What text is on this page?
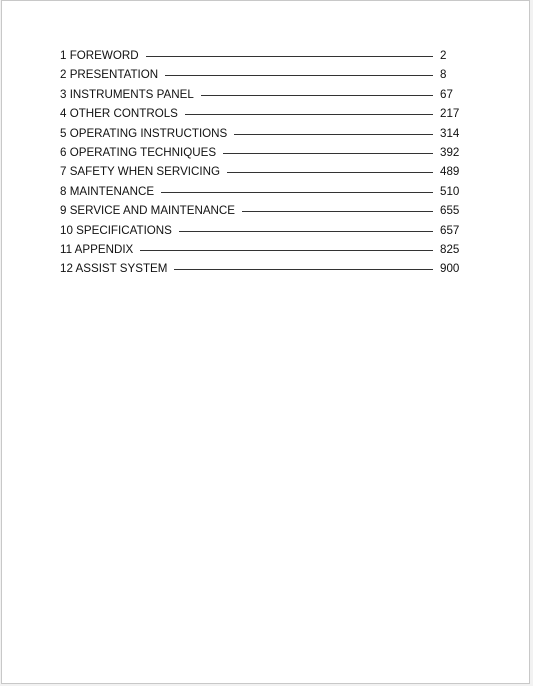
1 FOREWORD	2
2 PRESENTATION	8
3 INSTRUMENTS PANEL	67
4 OTHER CONTROLS	217
5 OPERATING INSTRUCTIONS	314
6 OPERATING TECHNIQUES	392
7 SAFETY WHEN SERVICING	489
8 MAINTENANCE	510
9 SERVICE AND MAINTENANCE	655
10 SPECIFICATIONS	657
11 APPENDIX	825
12 ASSIST SYSTEM	900
